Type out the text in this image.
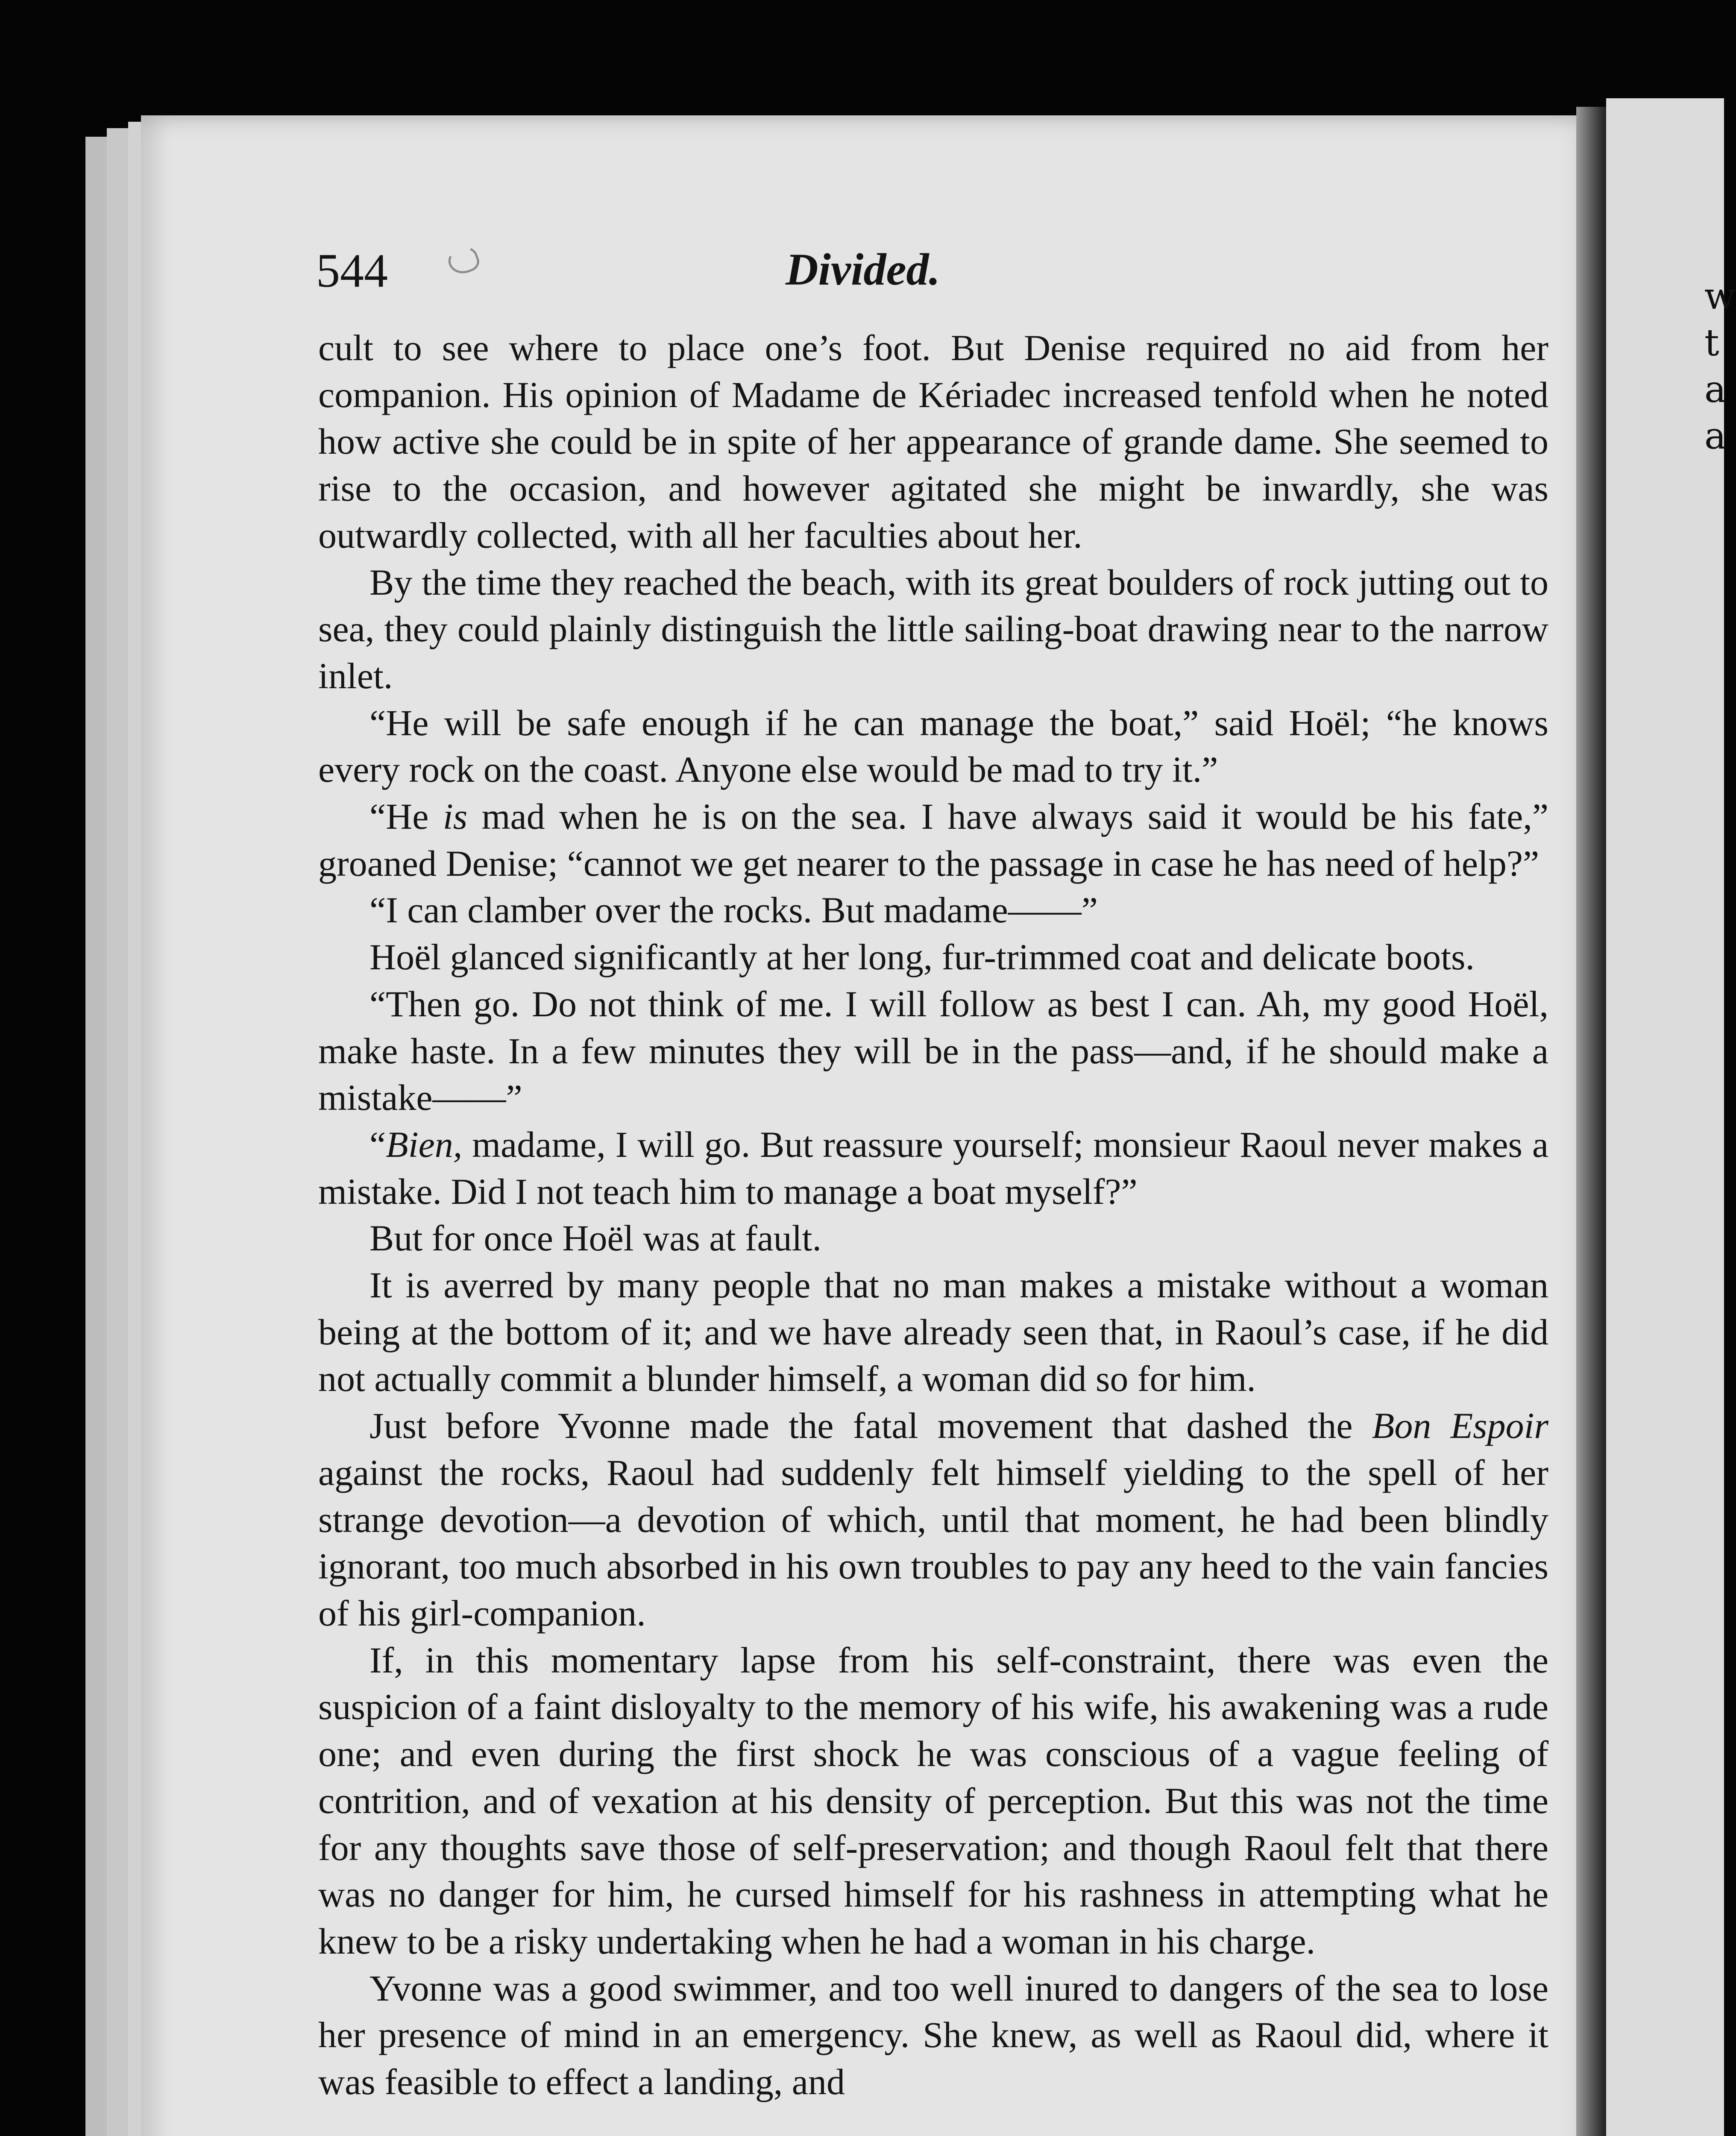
w
t
a
a
544	Divided.

cult to see where to place one’s foot. But Denise required no aid from her companion. His opinion of Madame de Kériadec increased tenfold when he noted how active she could be in spite of her appearance of grande dame. She seemed to rise to the occasion, and however agitated she might be inwardly, she was outwardly collected, with all her faculties about her.

By the time they reached the beach, with its great boulders of rock jutting out to sea, they could plainly distinguish the little sailing-boat drawing near to the narrow inlet.

“He will be safe enough if he can manage the boat,” said Hoël; “he knows every rock on the coast. Anyone else would be mad to try it.”

“He is mad when he is on the sea. I have always said it would be his fate,” groaned Denise; “cannot we get nearer to the passage in case he has need of help?”

“I can clamber over the rocks. But madame——”

Hoël glanced significantly at her long, fur-trimmed coat and delicate boots.

“Then go. Do not think of me. I will follow as best I can. Ah, my good Hoël, make haste. In a few minutes they will be in the pass—and, if he should make a mistake——”

“Bien, madame, I will go. But reassure yourself; monsieur Raoul never makes a mistake. Did I not teach him to manage a boat myself?”

But for once Hoël was at fault.

It is averred by many people that no man makes a mistake without a woman being at the bottom of it; and we have already seen that, in Raoul’s case, if he did not actually commit a blunder himself, a woman did so for him.

Just before Yvonne made the fatal movement that dashed the Bon Espoir against the rocks, Raoul had suddenly felt himself yielding to the spell of her strange devotion—a devotion of which, until that moment, he had been blindly ignorant, too much absorbed in his own troubles to pay any heed to the vain fancies of his girl-companion.

If, in this momentary lapse from his self-constraint, there was even the suspicion of a faint disloyalty to the memory of his wife, his awakening was a rude one; and even during the first shock he was conscious of a vague feeling of contrition, and of vexation at his density of perception. But this was not the time for any thoughts save those of self-preservation; and though Raoul felt that there was no danger for him, he cursed himself for his rashness in attempting what he knew to be a risky undertaking when he had a woman in his charge.

Yvonne was a good swimmer, and too well inured to dangers of the sea to lose her presence of mind in an emergency. She knew, as well as Raoul did, where it was feasible to effect a landing, and
